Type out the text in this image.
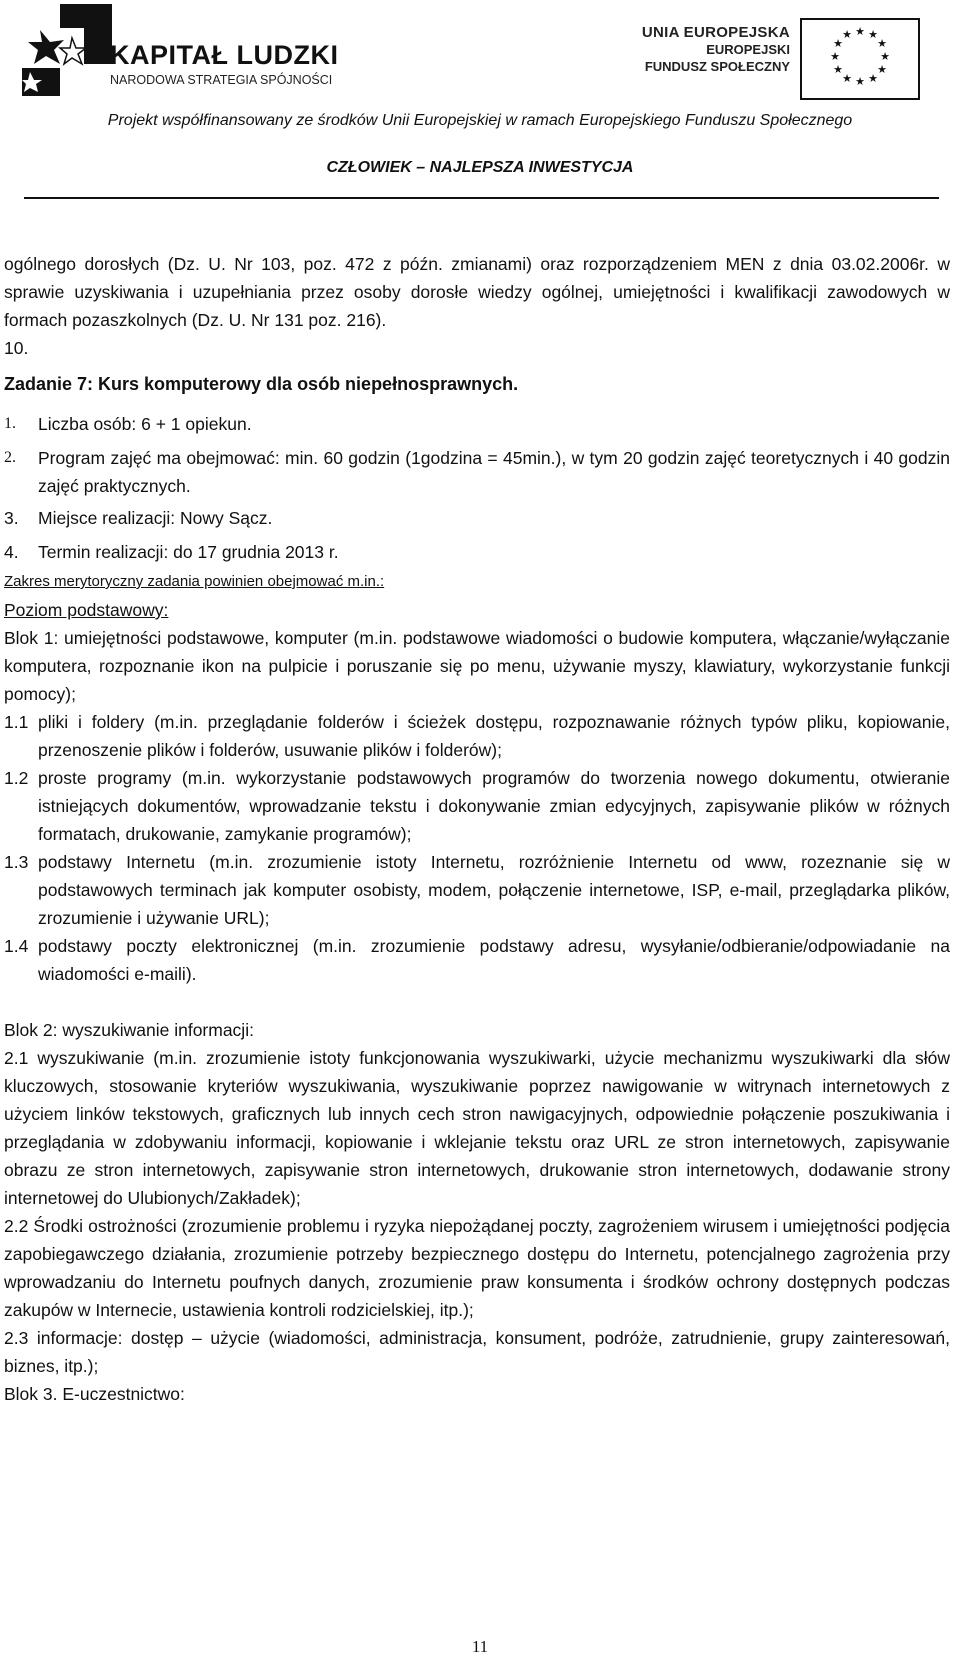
KAPITAŁ LUDZKI
NARODOWA STRATEGIA SPÓJNOŚCI
UNIA EUROPEJSKA
EUROPEJSKI
FUNDUSZ SPOŁECZNY
★ ★
★
★
★
★
★
★
★
★
★
★
Projekt współfinansowany ze środków Unii Europejskiej w ramach Europejskiego Funduszu Społecznego
CZŁOWIEK – NAJLEPSZA INWESTYCJA

ogólnego dorosłych (Dz. U. Nr 103, poz. 472 z późn. zmianami) oraz rozporządzeniem MEN z dnia 03.02.2006r. w sprawie uzyskiwania i uzupełniania przez osoby dorosłe wiedzy ogólnej, umiejętności i kwalifikacji zawodowych w formach pozaszkolnych (Dz. U. Nr 131 poz. 216).

10.

Zadanie 7: Kurs komputerowy dla osób niepełnosprawnych.

1.	Liczba osób: 6 + 1 opiekun.
2.	Program zajęć ma obejmować: min. 60 godzin (1godzina = 45min.), w tym 20 godzin zajęć teoretycznych i 40 godzin zajęć praktycznych.
3.	Miejsce realizacji: Nowy Sącz.
4.	Termin realizacji: do 17 grudnia 2013 r.

Zakres merytoryczny zadania powinien obejmować m.in.:

Poziom podstawowy:

Blok 1: umiejętności podstawowe, komputer (m.in. podstawowe wiadomości o budowie komputera, włączanie/wyłączanie komputera, rozpoznanie ikon na pulpicie i poruszanie się po menu, używanie myszy, klawiatury, wykorzystanie funkcji pomocy);

1.1 pliki i foldery (m.in. przeglądanie folderów i ścieżek dostępu, rozpoznawanie różnych typów pliku, kopiowanie, przenoszenie plików i folderów, usuwanie plików i folderów);
1.2 proste programy (m.in. wykorzystanie podstawowych programów do tworzenia nowego dokumentu, otwieranie istniejących dokumentów, wprowadzanie tekstu i dokonywanie zmian edycyjnych, zapisywanie plików w różnych formatach, drukowanie, zamykanie programów);
1.3 podstawy Internetu (m.in. zrozumienie istoty Internetu, rozróżnienie Internetu od www, rozeznanie się w podstawowych terminach jak komputer osobisty, modem, połączenie internetowe, ISP, e-mail, przeglądarka plików, zrozumienie i używanie URL);
1.4 podstawy poczty elektronicznej (m.in. zrozumienie podstawy adresu, wysyłanie/odbieranie/odpowiadanie na wiadomości e-maili).

Blok 2: wyszukiwanie informacji:

2.1 wyszukiwanie (m.in. zrozumienie istoty funkcjonowania wyszukiwarki, użycie mechanizmu wyszukiwarki dla słów kluczowych, stosowanie kryteriów wyszukiwania, wyszukiwanie poprzez nawigowanie w witrynach internetowych z użyciem linków tekstowych, graficznych lub innych cech stron nawigacyjnych, odpowiednie połączenie poszukiwania i przeglądania w zdobywaniu informacji, kopiowanie i wklejanie tekstu oraz URL ze stron internetowych, zapisywanie obrazu ze stron internetowych, zapisywanie stron internetowych, drukowanie stron internetowych, dodawanie strony internetowej do Ulubionych/Zakładek);

2.2 Środki ostrożności (zrozumienie problemu i ryzyka niepożądanej poczty, zagrożeniem wirusem i umiejętności podjęcia zapobiegawczego działania, zrozumienie potrzeby bezpiecznego dostępu do Internetu, potencjalnego zagrożenia przy wprowadzaniu do Internetu poufnych danych, zrozumienie praw konsumenta i środków ochrony dostępnych podczas zakupów w Internecie, ustawienia kontroli rodzicielskiej, itp.);

2.3 informacje: dostęp – użycie (wiadomości, administracja, konsument, podróże, zatrudnienie, grupy zainteresowań, biznes, itp.);

Blok 3. E-uczestnictwo:

11
